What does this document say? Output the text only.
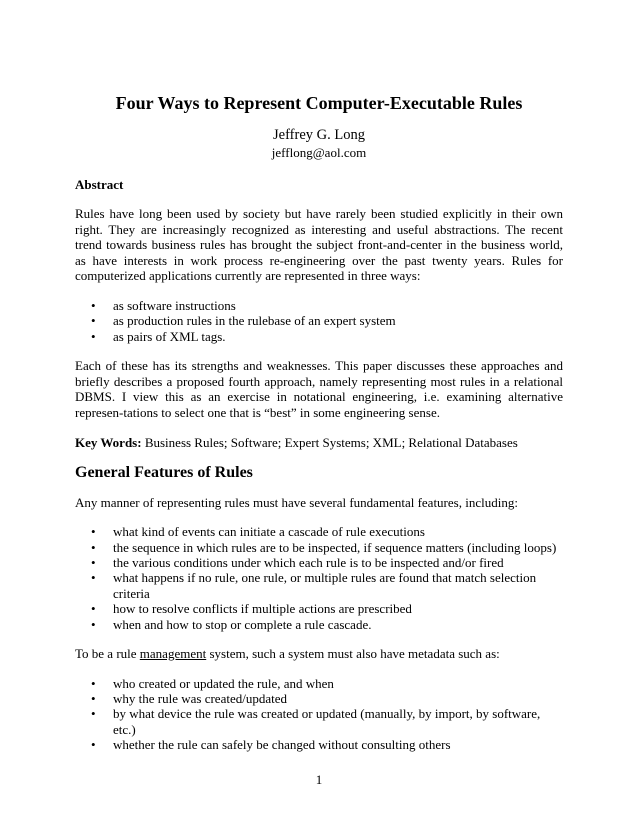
Four Ways to Represent Computer-Executable Rules
Jeffrey G. Long
jefflong@aol.com
Abstract

Rules have long been used by society but have rarely been studied explicitly in their own right. They are increasingly recognized as interesting and useful abstractions. The recent trend towards business rules has brought the subject front-and-center in the business world, as have interests in work process re-engineering over the past twenty years. Rules for computerized applications currently are represented in three ways:

• as software instructions
• as production rules in the rulebase of an expert system
• as pairs of XML tags.

Each of these has its strengths and weaknesses. This paper discusses these approaches and briefly describes a proposed fourth approach, namely representing most rules in a relational DBMS. I view this as an exercise in notational engineering, i.e. examining alternative represen-tations to select one that is “best” in some engineering sense.

Key Words: Business Rules; Software; Expert Systems; XML; Relational Databases

General Features of Rules

Any manner of representing rules must have several fundamental features, including:

• what kind of events can initiate a cascade of rule executions
• the sequence in which rules are to be inspected, if sequence matters (including loops)
• the various conditions under which each rule is to be inspected and/or fired
• what happens if no rule, one rule, or multiple rules are found that match selection criteria
• how to resolve conflicts if multiple actions are prescribed
• when and how to stop or complete a rule cascade.

To be a rule management system, such a system must also have metadata such as:

• who created or updated the rule, and when
• why the rule was created/updated
• by what device the rule was created or updated (manually, by import, by software, etc.)
• whether the rule can safely be changed without consulting others
1
